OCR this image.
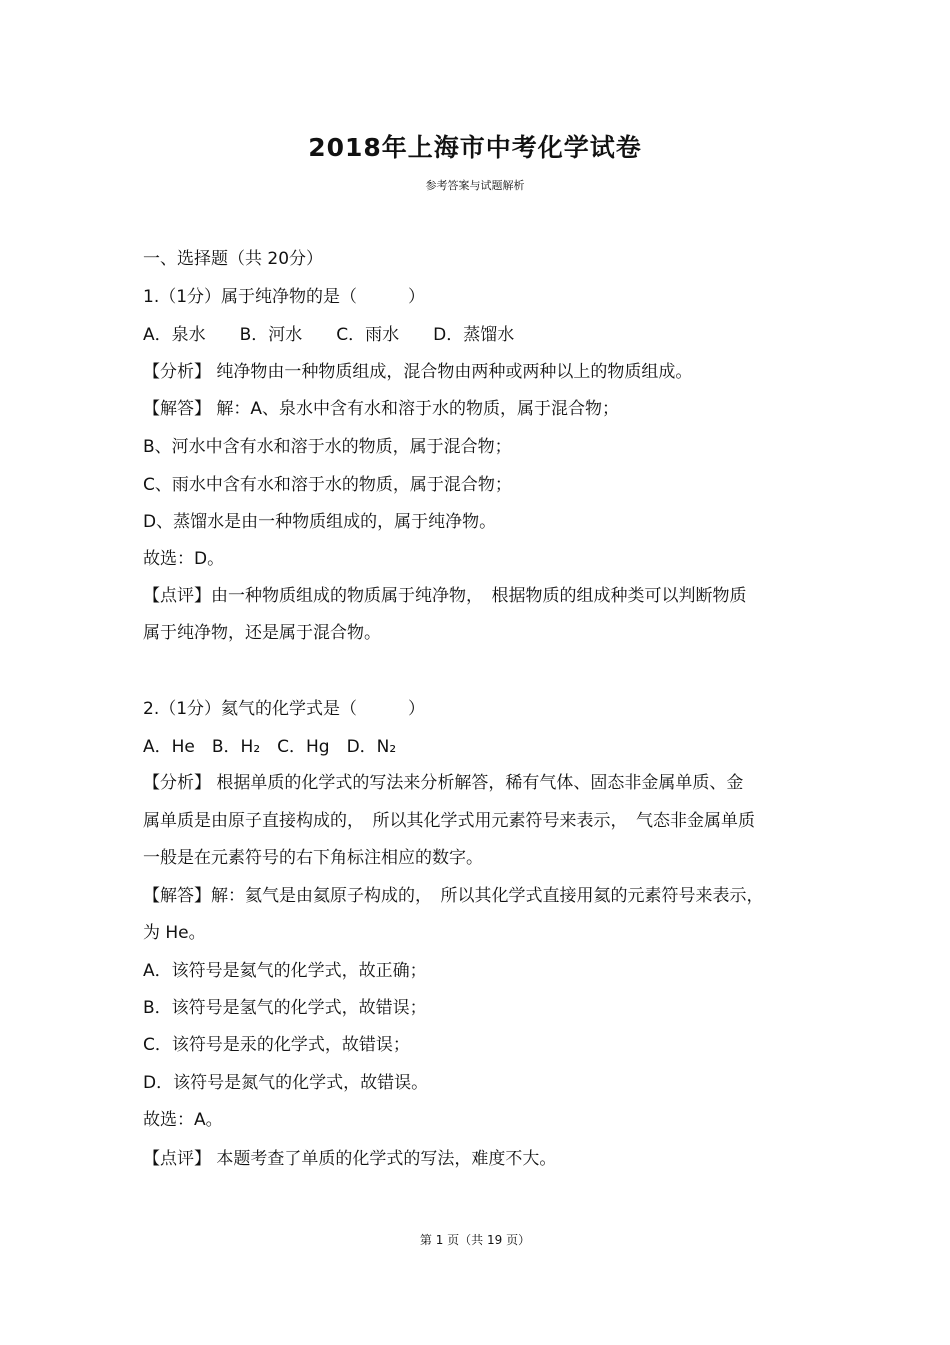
2018年上海市中考化学试卷
参考答案与试题解析
一、选择题（共 20分）
1.（1分）属于纯净物的是（　　　）
A．泉水　　B．河水　　C．雨水　　D．蒸馏水
【分析】 纯净物由一种物质组成，混合物由两种或两种以上的物质组成。
【解答】 解：A、泉水中含有水和溶于水的物质，属于混合物；
B、河水中含有水和溶于水的物质，属于混合物；
C、雨水中含有水和溶于水的物质，属于混合物；
D、蒸馏水是由一种物质组成的，属于纯净物。
故选：D。
【点评】由一种物质组成的物质属于纯净物，　根据物质的组成种类可以判断物质
属于纯净物，还是属于混合物。
2.（1分）氦气的化学式是（　　　）
A．He　B．H₂　C．Hg　D．N₂
【分析】 根据单质的化学式的写法来分析解答，稀有气体、固态非金属单质、金
属单质是由原子直接构成的，　所以其化学式用元素符号来表示，　气态非金属单质
一般是在元素符号的右下角标注相应的数字。
【解答】解：氦气是由氦原子构成的，　所以其化学式直接用氦的元素符号来表示，
为 He。
A．该符号是氦气的化学式，故正确；
B．该符号是氢气的化学式，故错误；
C．该符号是汞的化学式，故错误；
D．该符号是氮气的化学式，故错误。
故选：A。
【点评】 本题考查了单质的化学式的写法，难度不大。
第 1 页（共 19 页）
